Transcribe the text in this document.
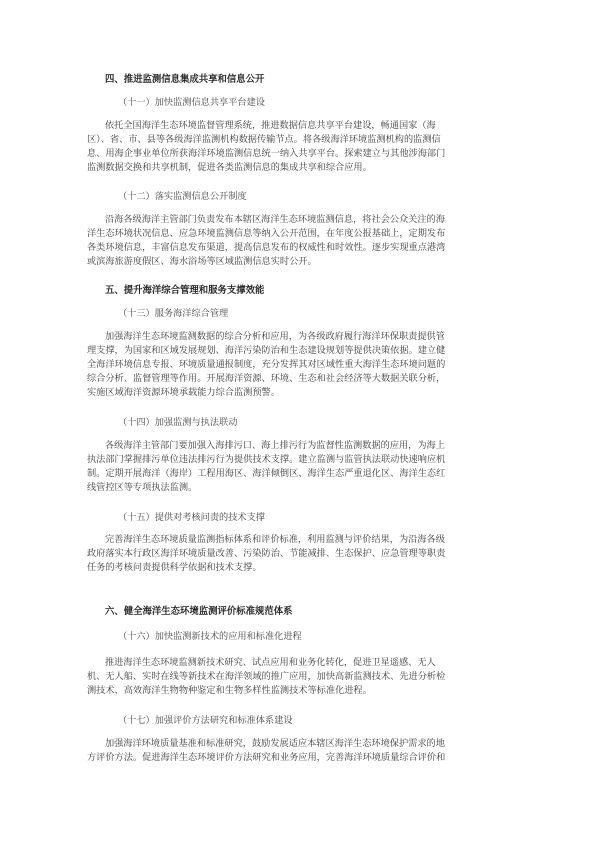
四、推进监测信息集成共享和信息公开
（十一）加快监测信息共享平台建设
依托全国海洋生态环境监督管理系统，推进数据信息共享平台建设，畅通国家（海
区）、省、市、县等各级海洋监测机构数据传输节点。将各级海洋环境监测机构的监测信
息、用海企事业单位所获海洋环境监测信息统一纳入共享平台。探索建立与其他涉海部门
监测数据交换和共享机制，促进各类监测信息的集成共享和综合应用。
（十二）落实监测信息公开制度
沿海各级海洋主管部门负责发布本辖区海洋生态环境监测信息，将社会公众关注的海
洋生态环境状况信息、应急环境监测信息等纳入公开范围，在年度公报基础上，定期发布
各类环境信息，丰富信息发布渠道，提高信息发布的权威性和时效性。逐步实现重点港湾
或滨海旅游度假区、海水浴场等区域监测信息实时公开。
五、提升海洋综合管理和服务支撑效能
（十三）服务海洋综合管理
加强海洋生态环境监测数据的综合分析和应用，为各级政府履行海洋环保职责提供管
理支撑，为国家和区域发展规划、海洋污染防治和生态建设规划等提供决策依据。建立健
全海洋环境信息专报、环境质量通报制度，充分发挥其对区域性重大海洋生态环境问题的
综合分析、监督管理等作用。开展海洋资源、环境、生态和社会经济等大数据关联分析，
实施区域海洋资源环境承载能力综合监测预警。
（十四）加强监测与执法联动
各级海洋主管部门要加强入海排污口、海上排污行为监督性监测数据的应用，为海上
执法部门掌握排污单位违法排污行为提供技术支撑。建立监测与监管执法联动快速响应机
制。定期开展海洋（海岸）工程用海区、海洋倾倒区、海洋生态严重退化区、海洋生态红
线管控区等专项执法监测。
（十五）提供对考核问责的技术支撑
完善海洋生态环境质量监测指标体系和评价标准，利用监测与评价结果，为沿海各级
政府落实本行政区海洋环境质量改善、污染防治、节能减排、生态保护、应急管理等职责
任务的考核问责提供科学依据和技术支撑。
六、健全海洋生态环境监测评价标准规范体系
（十六）加快监测新技术的应用和标准化进程
推进海洋生态环境监测新技术研究、试点应用和业务化转化，促进卫星遥感、无人
机、无人船、实时在线等新技术在海洋领域的推广应用，加快高新监测技术、先进分析检
测技术、高效海洋生物物种鉴定和生物多样性监测技术等标准化进程。
（十七）加强评价方法研究和标准体系建设
加强海洋环境质量基准和标准研究，鼓励发展适应本辖区海洋生态环境保护需求的地
方评价方法。促进海洋生态环境评价方法研究和业务应用，完善海洋环境质量综合评价和
